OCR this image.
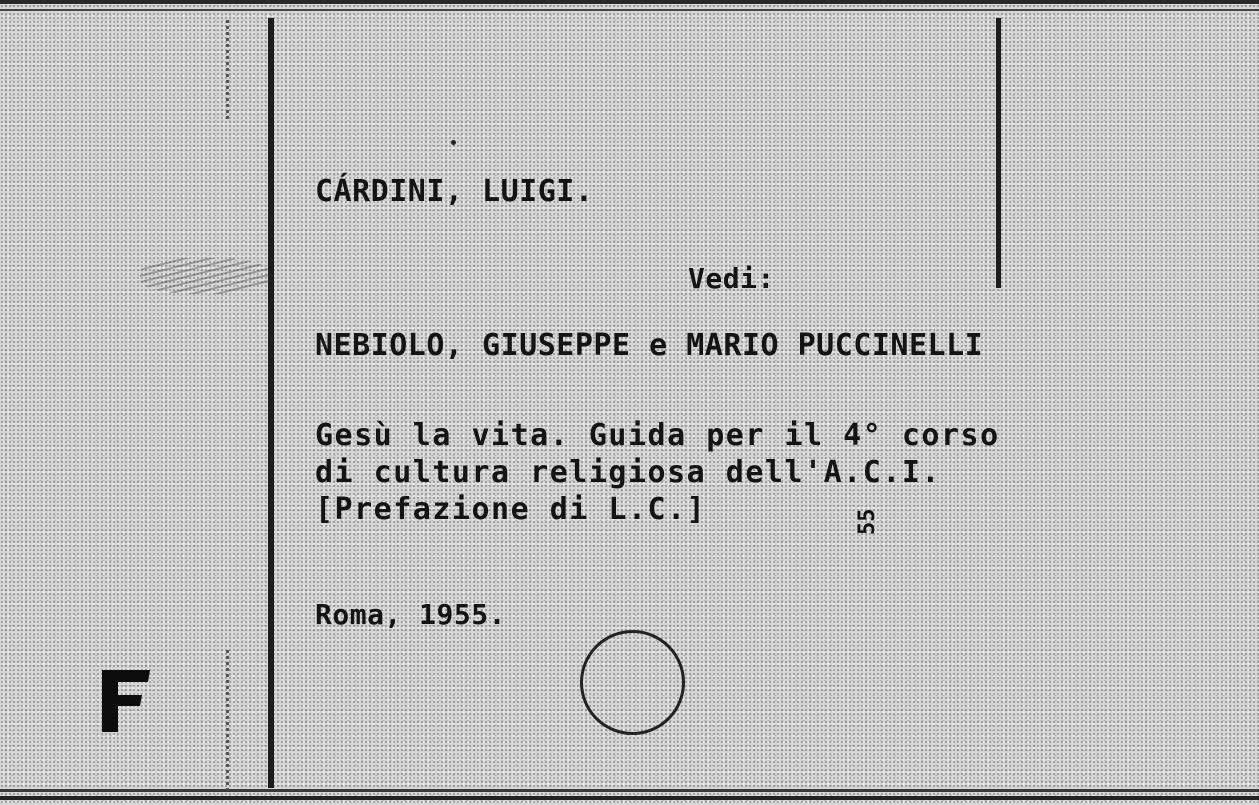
CÁRDINI, LUIGI.
Vedi:
NEBIOLO, GIUSEPPE e MARIO PUCCINELLI
Gesù la vita. Guida per il 4° corso
di cultura religiosa dell'A.C.I.
[Prefazione di L.C.]	55
Roma, 1955.
